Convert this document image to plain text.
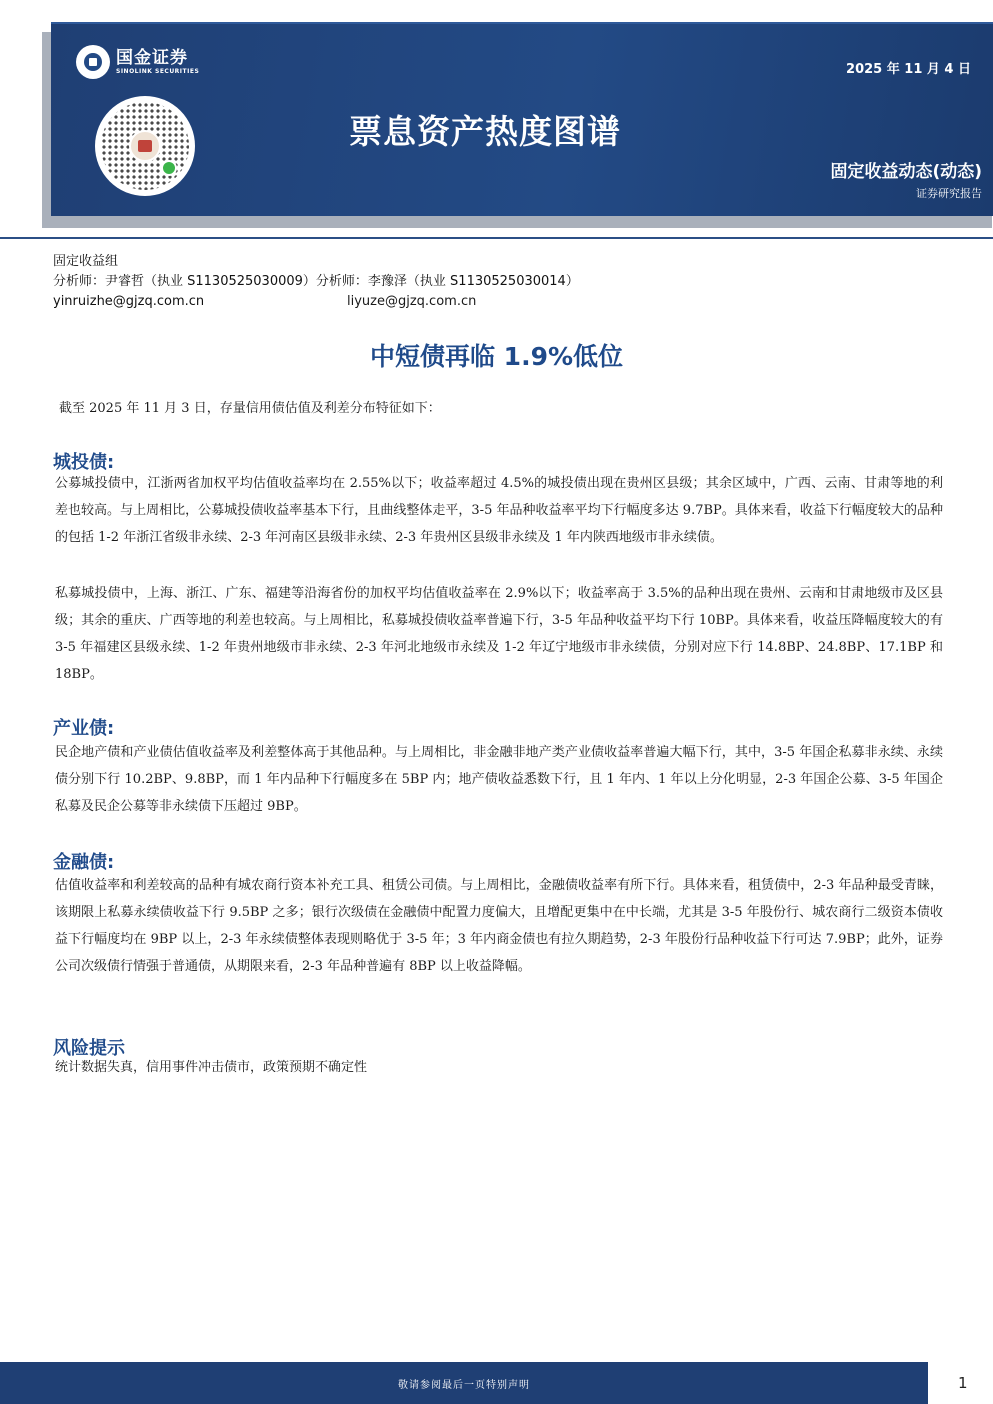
国金证券
SINOLINK SECURITIES	2025 年 11 月 4 日
票息资产热度图谱
固定收益动态(动态)
证券研究报告
固定收益组
分析师：尹睿哲（执业 S1130525030009）分析师：李豫泽（执业 S1130525030014）
yinruizhe@gjzq.com.cn	liyuze@gjzq.com.cn
中短债再临 1.9%低位
截至 2025 年 11 月 3 日，存量信用债估值及利差分布特征如下：
城投债:
公募城投债中，江浙两省加权平均估值收益率均在 2.55%以下；收益率超过 4.5%的城投债出现在贵州区县级；其余区域中，广西、云南、甘肃等地的利差也较高。与上周相比，公募城投债收益率基本下行，且曲线整体走平，3-5 年品种收益率平均下行幅度多达 9.7BP。具体来看，收益下行幅度较大的品种的包括 1-2 年浙江省级非永续、2-3 年河南区县级非永续、2-3 年贵州区县级非永续及 1 年内陕西地级市非永续债。
私募城投债中，上海、浙江、广东、福建等沿海省份的加权平均估值收益率在 2.9%以下；收益率高于 3.5%的品种出现在贵州、云南和甘肃地级市及区县级；其余的重庆、广西等地的利差也较高。与上周相比，私募城投债收益率普遍下行，3-5 年品种收益平均下行 10BP。具体来看，收益压降幅度较大的有 3-5 年福建区县级永续、1-2 年贵州地级市非永续、2-3 年河北地级市永续及 1-2 年辽宁地级市非永续债，分别对应下行 14.8BP、24.8BP、17.1BP 和 18BP。
产业债:
民企地产债和产业债估值收益率及利差整体高于其他品种。与上周相比，非金融非地产类产业债收益率普遍大幅下行，其中，3-5 年国企私募非永续、永续债分别下行 10.2BP、9.8BP，而 1 年内品种下行幅度多在 5BP 内；地产债收益悉数下行，且 1 年内、1 年以上分化明显，2-3 年国企公募、3-5 年国企私募及民企公募等非永续债下压超过 9BP。
金融债:
估值收益率和利差较高的品种有城农商行资本补充工具、租赁公司债。与上周相比，金融债收益率有所下行。具体来看，租赁债中，2-3 年品种最受青睐，该期限上私募永续债收益下行 9.5BP 之多；银行次级债在金融债中配置力度偏大，且增配更集中在中长端，尤其是 3-5 年股份行、城农商行二级资本债收益下行幅度均在 9BP 以上，2-3 年永续债整体表现则略优于 3-5 年；3 年内商金债也有拉久期趋势，2-3 年股份行品种收益下行可达 7.9BP；此外，证券公司次级债行情强于普通债，从期限来看，2-3 年品种普遍有 8BP 以上收益降幅。
风险提示
统计数据失真，信用事件冲击债市，政策预期不确定性
敬请参阅最后一页特别声明	1
